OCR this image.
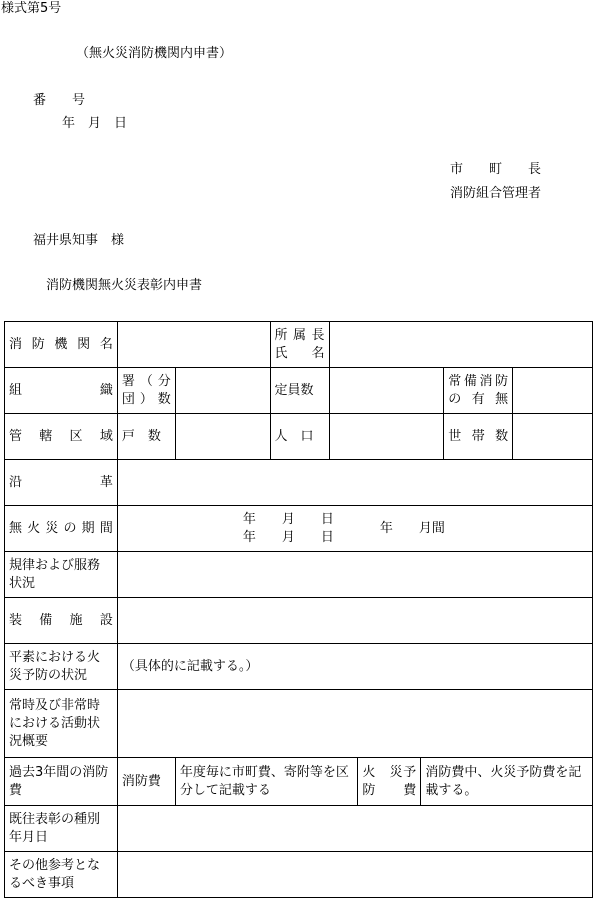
様式第5号
（無火災消防機関内申書）
番　　号
年　月　日
市　　町　　長
消防組合管理者
福井県知事　様
消防機関無火災表彰内申書
消防機関名			所属長氏　名					
組織	署（分団）数		定員数				常備消防の有無	
管轄区域	戸　数		人　口				世帯数	
沿革								
無火災の期間	年　　月　　日
年　　月　　日
年　　月間							

規律および服務状況								
装備施設								
平素における火災予防の状況	（具体的に記載する。）							
常時及び非常時における活動状況概要								
過去3年間の消防費	消防費	年度毎に市町費、寄附等を区分して記載する			火　災予防費	消防費中、火災予防費を記載する。		
既往表彰の種別年月日								
その他参考となるべき事項								
